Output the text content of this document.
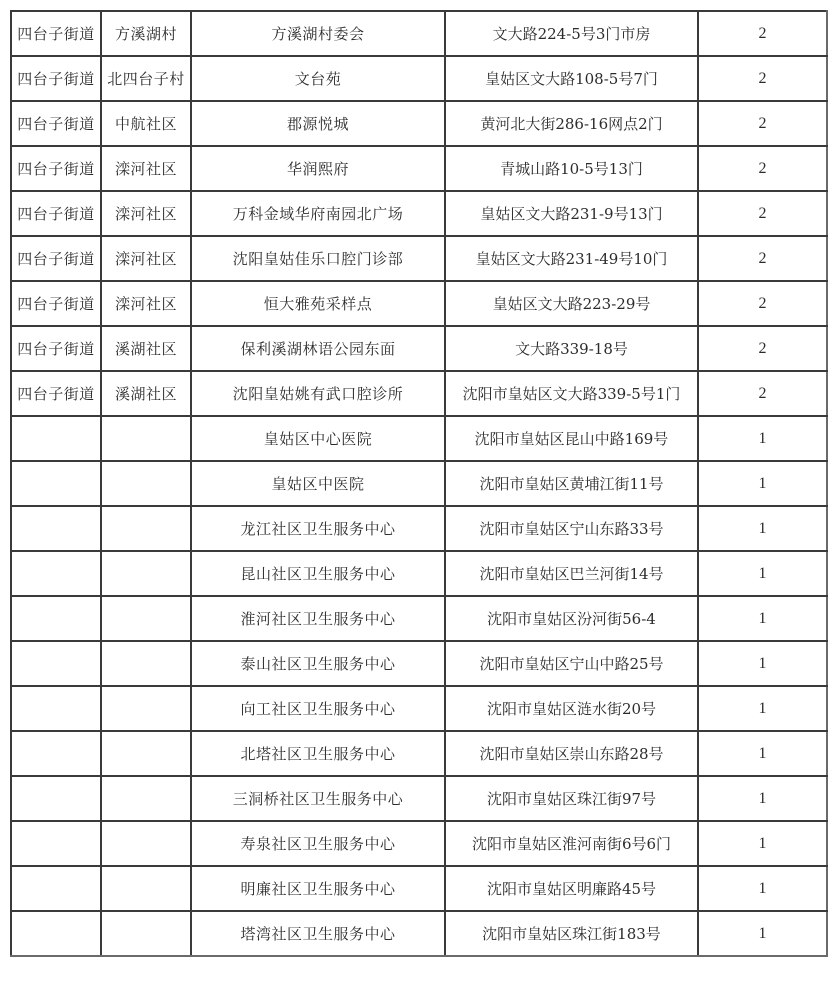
四台子街道	方溪湖村	方溪湖村委会	文大路224-5号3门市房	2
四台子街道	北四台子村	文台苑	皇姑区文大路108-5号7门	2
四台子街道	中航社区	郡源悦城	黄河北大街286-16网点2门	2
四台子街道	滦河社区	华润熙府	青城山路10-5号13门	2
四台子街道	滦河社区	万科金域华府南园北广场	皇姑区文大路231-9号13门	2
四台子街道	滦河社区	沈阳皇姑佳乐口腔门诊部	皇姑区文大路231-49号10门	2
四台子街道	滦河社区	恒大雅苑采样点	皇姑区文大路223-29号	2
四台子街道	溪湖社区	保利溪湖林语公园东面	文大路339-18号	2
四台子街道	溪湖社区	沈阳皇姑姚有武口腔诊所	沈阳市皇姑区文大路339-5号1门	2
		皇姑区中心医院	沈阳市皇姑区昆山中路169号	1
		皇姑区中医院	沈阳市皇姑区黄埔江街11号	1
		龙江社区卫生服务中心	沈阳市皇姑区宁山东路33号	1
		昆山社区卫生服务中心	沈阳市皇姑区巴兰河街14号	1
		淮河社区卫生服务中心	沈阳市皇姑区汾河街56-4	1
		泰山社区卫生服务中心	沈阳市皇姑区宁山中路25号	1
		向工社区卫生服务中心	沈阳市皇姑区涟水街20号	1
		北塔社区卫生服务中心	沈阳市皇姑区崇山东路28号	1
		三洞桥社区卫生服务中心	沈阳市皇姑区珠江街97号	1
		寿泉社区卫生服务中心	沈阳市皇姑区淮河南街6号6门	1
		明廉社区卫生服务中心	沈阳市皇姑区明廉路45号	1
		塔湾社区卫生服务中心	沈阳市皇姑区珠江街183号	1
